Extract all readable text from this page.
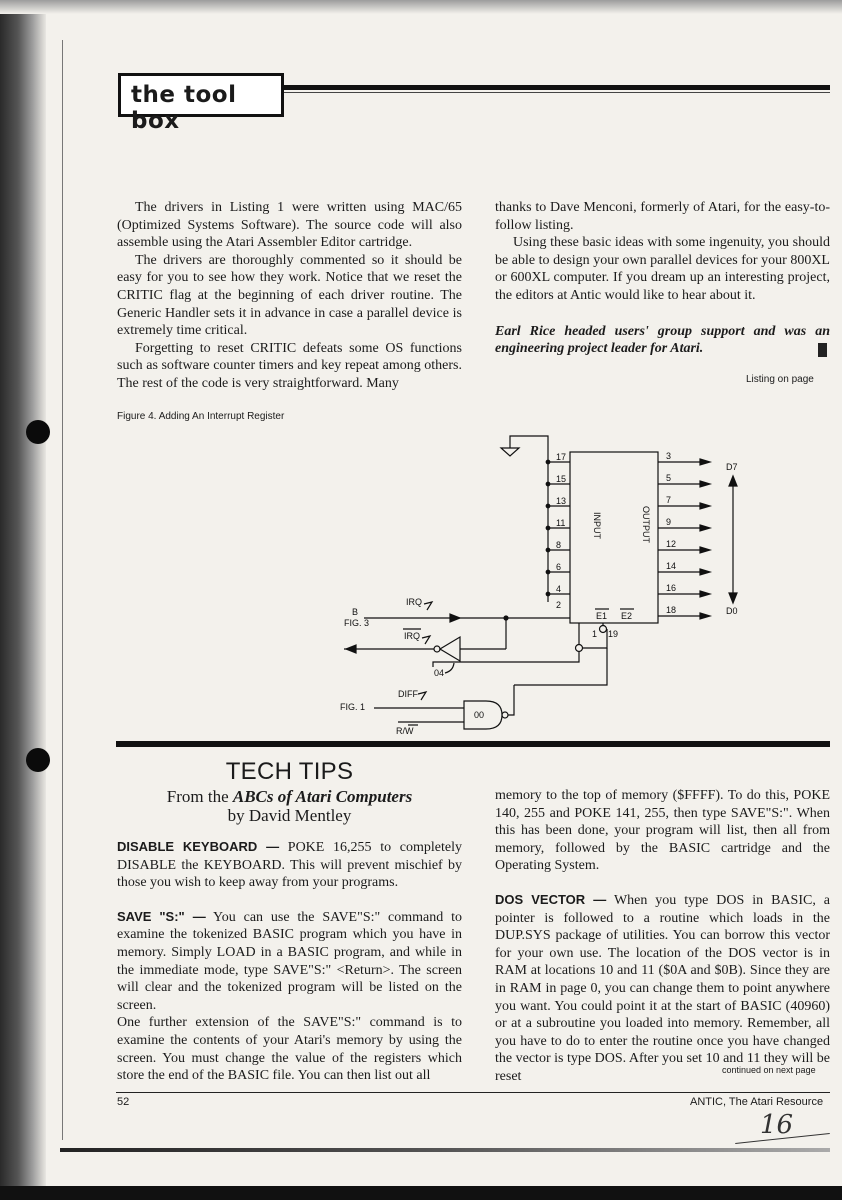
the tool box

The drivers in Listing 1 were written using MAC/65 (Optimized Systems Software). The source code will also assemble using the Atari Assembler Editor cartridge.

The drivers are thoroughly commented so it should be easy for you to see how they work. Notice that we reset the CRITIC flag at the beginning of each driver routine. The Generic Handler sets it in advance in case a parallel device is extremely time critical.

Forgetting to reset CRITIC defeats some OS functions such as software counter timers and key repeat among others. The rest of the code is very straightforward. Many

thanks to Dave Menconi, formerly of Atari, for the easy-to-follow listing.

Using these basic ideas with some ingenuity, you should be able to design your own parallel devices for your 800XL or 600XL computer. If you dream up an interesting project, the editors at Antic would like to hear about it.

Earl Rice headed users' group support and was an engineering project leader for Atari.

Listing on page
Figure 4. Adding An Interrupt Register
17
15
13
11
8
6
4
2
3
5
7
9
12
14
16
18
INPUT	OUTPUT
E1 E2
1 19
D7
D0
IRQ
B
FIG. 3
IRQ
04
00
DIFF
FIG. 1
R/W
TECH TIPS
From the ABCs of Atari Computers
by David Mentley

DISABLE KEYBOARD — POKE 16,255 to completely DISABLE the KEYBOARD. This will prevent mischief by those you wish to keep away from your programs.

SAVE "S:" — You can use the SAVE"S:" command to examine the tokenized BASIC program which you have in memory. Simply LOAD in a BASIC program, and while in the immediate mode, type SAVE"S:" <Return>. The screen will clear and the tokenized program will be listed on the screen.

One further extension of the SAVE"S:" command is to examine the contents of your Atari's memory by using the screen. You must change the value of the registers which store the end of the BASIC file. You can then list out all

memory to the top of memory ($FFFF). To do this, POKE 140, 255 and POKE 141, 255, then type SAVE"S:". When this has been done, your program will list, then all from memory, followed by the BASIC cartridge and the Operating System.

DOS VECTOR — When you type DOS in BASIC, a pointer is followed to a routine which loads in the DUP.SYS package of utilities. You can borrow this vector for your own use. The location of the DOS vector is in RAM at locations 10 and 11 ($0A and $0B). Since they are in RAM in page 0, you can change them to point anywhere you want. You could point it at the start of BASIC (40960) or at a subroutine you loaded into memory. Remember, all you have to do to enter the routine once you have changed the vector is type DOS. After you set 10 and 11 they will be reset	continued on next page
52	ANTIC, The Atari Resource
16
